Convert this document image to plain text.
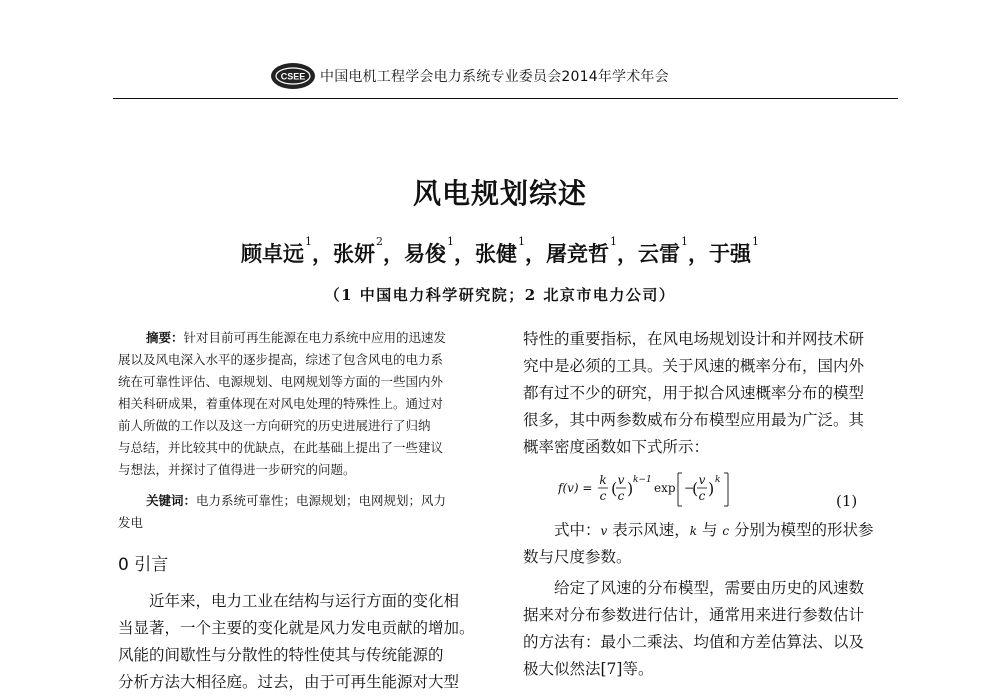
CSEE 中国电机工程学会电力系统专业委员会2014年学术年会
风电规划综述
顾卓远$^1$，张妍$^2$，易俊$^1$，张健$^1$，屠竞哲$^1$，云雷$^1$，于强$^1$
（1 中国电力科学研究院；2 北京市电力公司）
摘要：针对目前可再生能源在电力系统中应用的迅速发
展以及风电深入水平的逐步提高，综述了包含风电的电力系
统在可靠性评估、电源规划、电网规划等方面的一些国内外
相关科研成果，着重体现在对风电处理的特殊性上。通过对
前人所做的工作以及这一方向研究的历史进展进行了归纳
与总结，并比较其中的优缺点，在此基础上提出了一些建议
与想法，并探讨了值得进一步研究的问题。
关键词：电力系统可靠性；电源规划；电网规划；风力
发电
0 引言
近年来，电力工业在结构与运行方面的变化相
当显著，一个主要的变化就是风力发电贡献的增加。
风能的间歇性与分散性的特性使其与传统能源的
分析方法大相径庭。过去，由于可再生能源对大型
特性的重要指标，在风电场规划设计和并网技术研
究中是必须的工具。关于风速的概率分布，国内外
都有过不少的研究，用于拟合风速概率分布的模型
很多，其中两参数威布分布模型应用最为广泛。其
概率密度函数如下式所示：
f(v) =
k
c ( v
c ) k−1
exp −
( v
c ) k
(1)
式中：v 表示风速，k 与 c 分别为模型的形状参
数与尺度参数。
给定了风速的分布模型，需要由历史的风速数
据来对分布参数进行估计，通常用来进行参数估计
的方法有：最小二乘法、均值和方差估算法、以及
极大似然法[7]等。
